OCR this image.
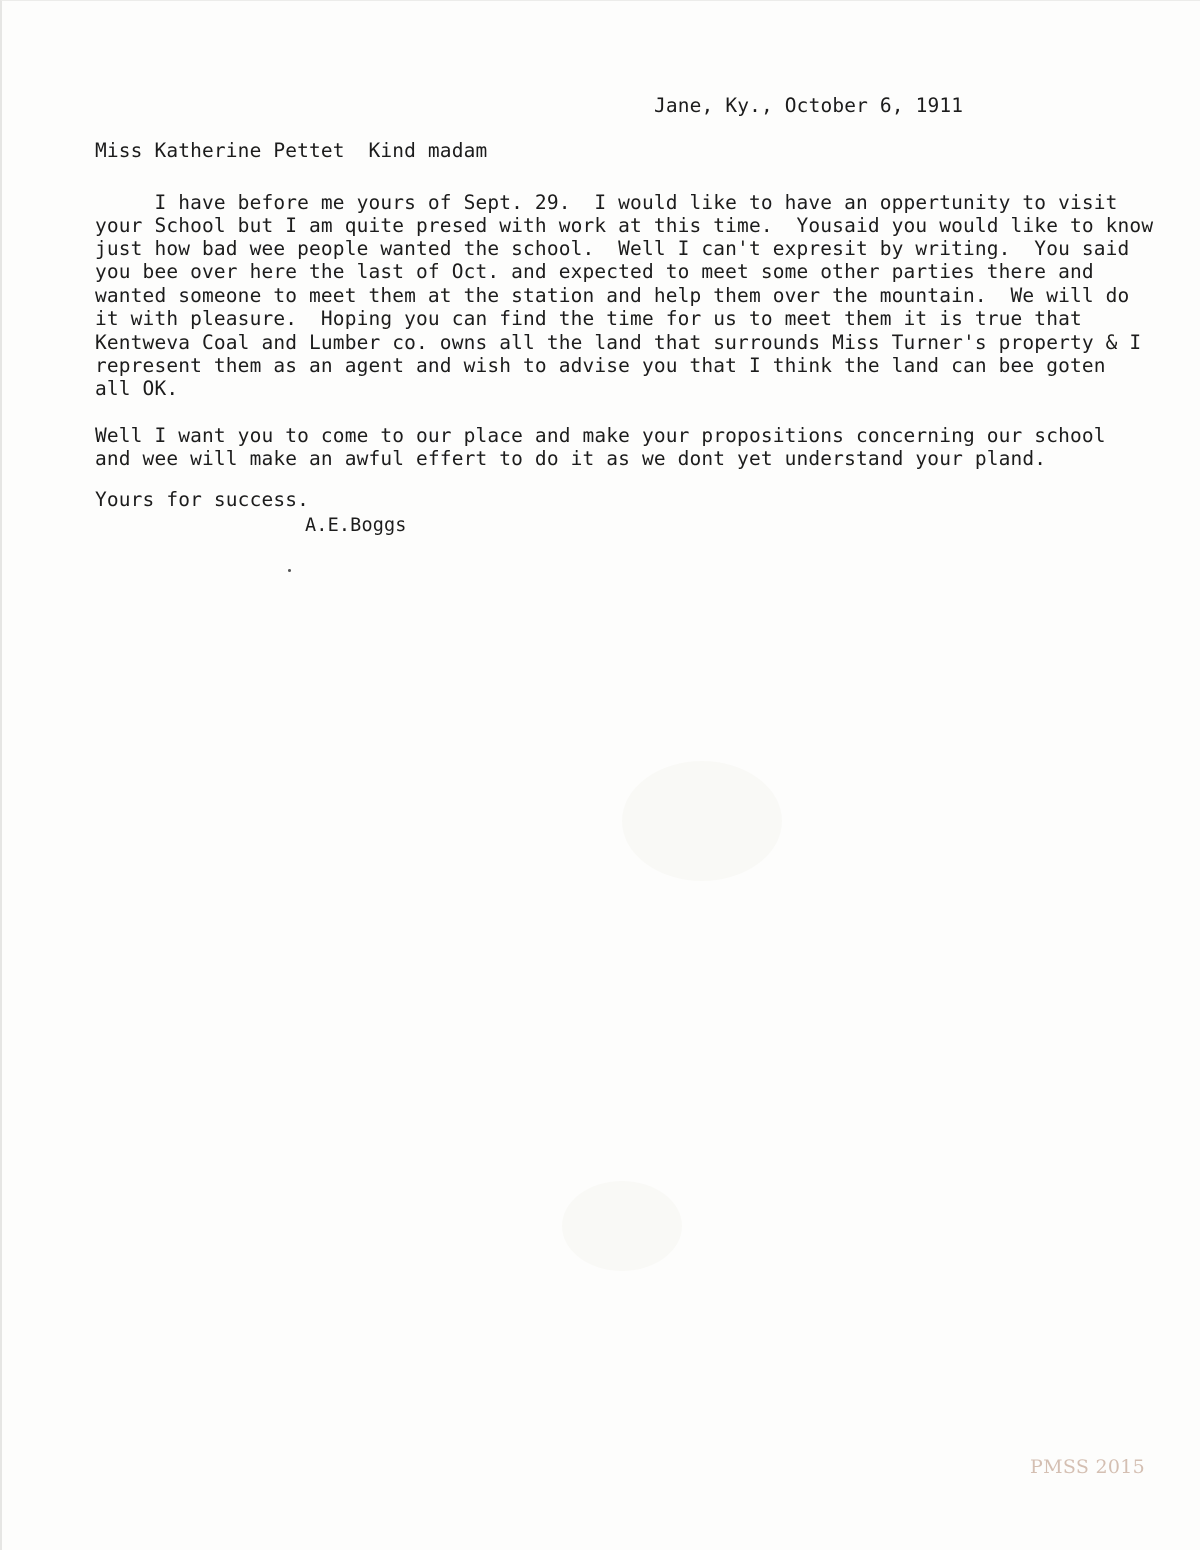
Jane, Ky., October 6, 1911
Miss Katherine Pettet  Kind madam
I have before me yours of Sept. 29.  I would like to have an oppertunity to visit
your School but I am quite presed with work at this time.  Yousaid you would like to know
just how bad wee people wanted the school.  Well I can't expresit by writing.  You said
you bee over here the last of Oct. and expected to meet some other parties there and
wanted someone to meet them at the station and help them over the mountain.  We will do
it with pleasure.  Hoping you can find the time for us to meet them it is true that
Kentweva Coal and Lumber co. owns all the land that surrounds Miss Turner's property & I
represent them as an agent and wish to advise you that I think the land can bee goten
all OK.
Well I want you to come to our place and make your propositions concerning our school
and wee will make an awful effert to do it as we dont yet understand your pland.
Yours for success.
A.E.Boggs
PMSS 2015
